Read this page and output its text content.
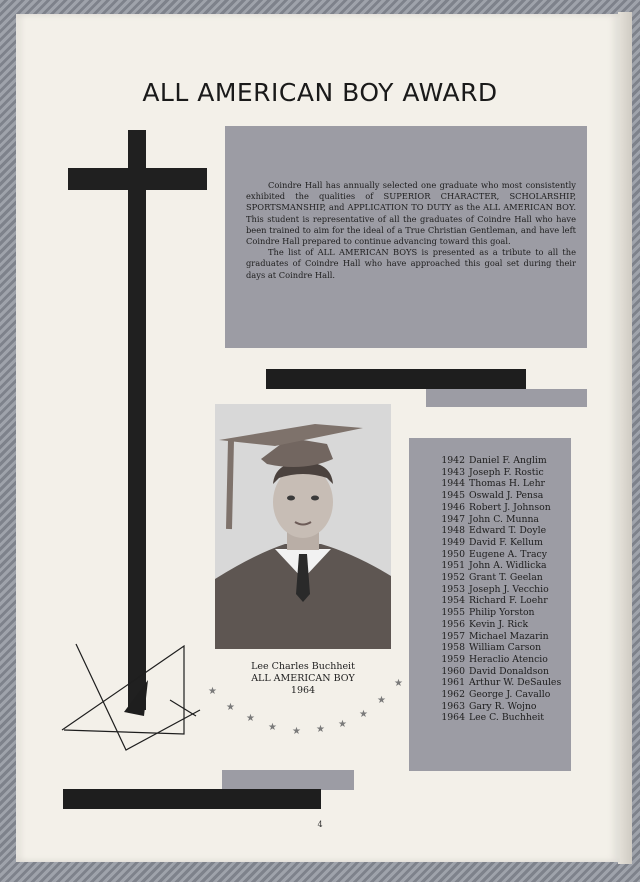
ALL AMERICAN BOY AWARD

Coindre Hall has annually selected one graduate who most consistently exhibited the qualities of SUPERIOR CHARACTER, SCHOLARSHIP, SPORTSMANSHIP, and APPLICATION TO DUTY as the ALL AMERICAN BOY. This student is representative of all the graduates of Coindre Hall who have been trained to aim for the ideal of a True Christian Gentleman, and have left Coindre Hall prepared to continue advancing toward this goal.

The list of ALL AMERICAN BOYS is presented as a tribute to all the graduates of Coindre Hall who have approached this goal set during their days at Coindre Hall.

Lee Charles Buchheit
ALL AMERICAN BOY
1964
★
★
★
★ ★ ★ ★
★
★
★
1942 Daniel F. Anglim
1943 Joseph F. Rostic
1944 Thomas H. Lehr
1945 Oswald J. Pensa
1946 Robert J. Johnson
1947 John C. Munna
1948 Edward T. Doyle
1949 David F. Kellum
1950 Eugene A. Tracy
1951 John A. Widlicka
1952 Grant T. Geelan
1953 Joseph J. Vecchio
1954 Richard F. Loehr
1955 Philip Yorston
1956 Kevin J. Rick
1957 Michael Mazarin
1958 William Carson
1959 Heraclio Atencio
1960 David Donaldson
1961 Arthur W. DeSaules
1962 George J. Cavallo
1963 Gary R. Wojno
1964 Lee C. Buchheit
4
